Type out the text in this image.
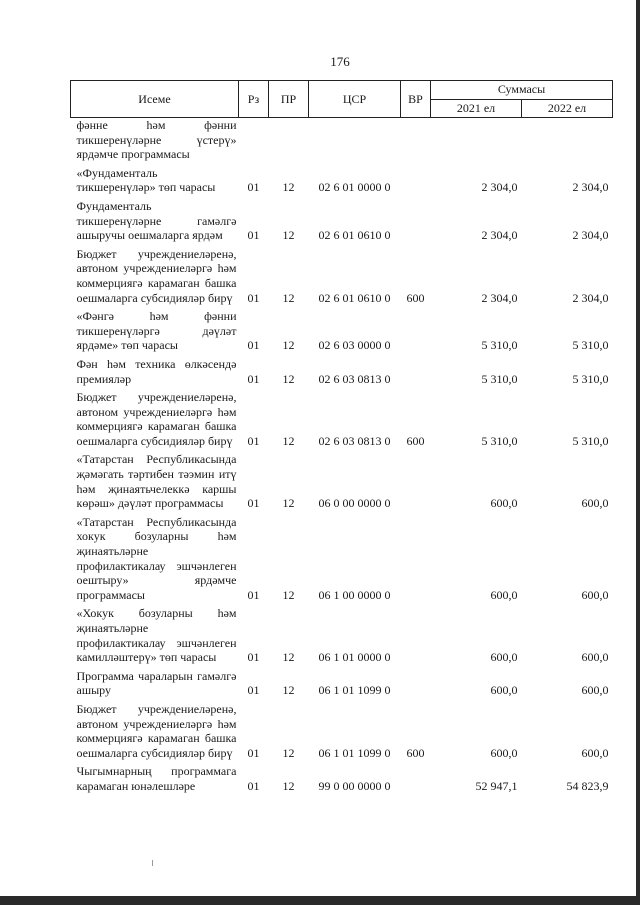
176
Исеме	Рз	ПР	ЦСР	ВР	Суммасы	
					2021 ел	2022 ел
фәнне һәм фәнни тикшеренүләрне үстерү» ярдәмче программасы						
«Фундаменталь тикшеренүләр» төп чарасы	01	12	02 6 01 0000 0		2 304,0	2 304,0
Фундаменталь тикшеренүләрне гамәлгә ашыручы оешмаларга ярдәм	01	12	02 6 01 0610 0		2 304,0	2 304,0
Бюджет учреждениеләренә, автоном учреждениеләргә һәм коммерциягә карамаган башка оешмаларга субсидияләр бирү	01	12	02 6 01 0610 0	600	2 304,0	2 304,0
«Фәнгә һәм фәнни тикшеренүләргә дәүләт ярдәме» төп чарасы	01	12	02 6 03 0000 0		5 310,0	5 310,0
Фән һәм техника өлкәсендә премияләр	01	12	02 6 03 0813 0		5 310,0	5 310,0
Бюджет учреждениеләренә, автоном учреждениеләргә һәм коммерциягә карамаган башка оешмаларга субсидияләр бирү	01	12	02 6 03 0813 0	600	5 310,0	5 310,0
«Татарстан Республикасында җәмәгать тәртибен тәэмин итү һәм җинаятьчелеккә каршы көрәш» дәүләт программасы	01	12	06 0 00 0000 0		600,0	600,0
«Татарстан Республикасында хокук бозуларны һәм җинаятьләрне профилактикалау эшчәнлеген оештыру» ярдәмче программасы	01	12	06 1 00 0000 0		600,0	600,0
«Хокук бозуларны һәм җинаятьләрне профилактикалау эшчәнлеген камилләштерү» төп чарасы	01	12	06 1 01 0000 0		600,0	600,0
Программа чараларын гамәлгә ашыру	01	12	06 1 01 1099 0		600,0	600,0
Бюджет учреждениеләренә, автоном учреждениеләргә һәм коммерциягә карамаган башка оешмаларга субсидияләр бирү	01	12	06 1 01 1099 0	600	600,0	600,0
Чыгымнарның программага карамаган юнәлешләре	01	12	99 0 00 0000 0		52 947,1	54 823,9
